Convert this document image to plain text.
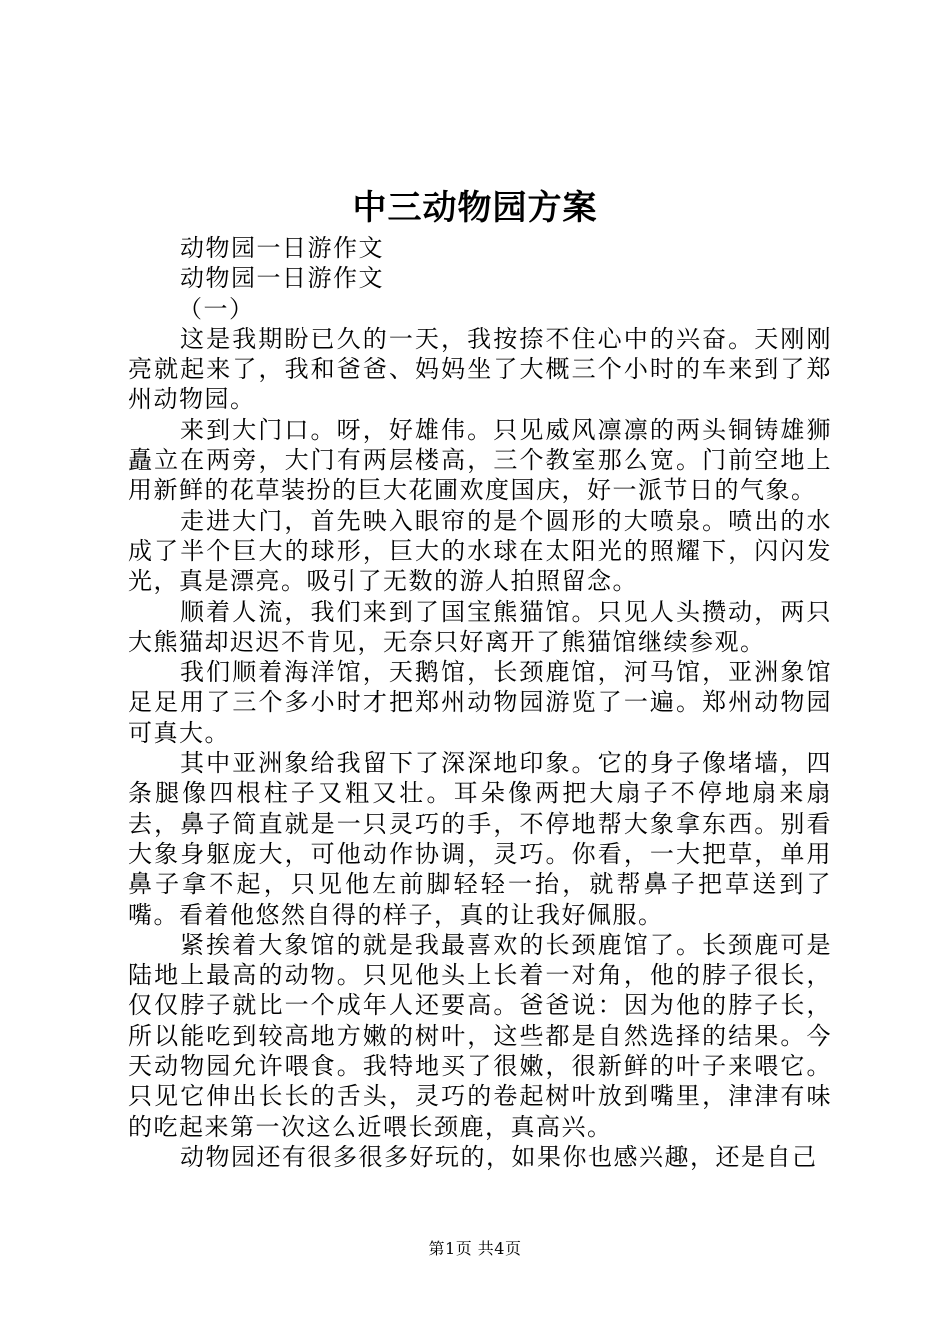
中三动物园方案

动物园一日游作文

动物园一日游作文

（一）

这是我期盼已久的一天，我按捺不住心中的兴奋。天刚刚亮就起来了，我和爸爸、妈妈坐了大概三个小时的车来到了郑州动物园。

来到大门口。呀，好雄伟。只见威风凛凛的两头铜铸雄狮矗立在两旁，大门有两层楼高，三个教室那么宽。门前空地上用新鲜的花草装扮的巨大花圃欢度国庆，好一派节日的气象。

走进大门，首先映入眼帘的是个圆形的大喷泉。喷出的水成了半个巨大的球形，巨大的水球在太阳光的照耀下，闪闪发光，真是漂亮。吸引了无数的游人拍照留念。

顺着人流，我们来到了国宝熊猫馆。只见人头攒动，两只大熊猫却迟迟不肯见，无奈只好离开了熊猫馆继续参观。

我们顺着海洋馆，天鹅馆，长颈鹿馆，河马馆，亚洲象馆足足用了三个多小时才把郑州动物园游览了一遍。郑州动物园可真大。

其中亚洲象给我留下了深深地印象。它的身子像堵墙，四条腿像四根柱子又粗又壮。耳朵像两把大扇子不停地扇来扇去，鼻子简直就是一只灵巧的手，不停地帮大象拿东西。别看大象身躯庞大，可他动作协调，灵巧。你看，一大把草，单用鼻子拿不起，只见他左前脚轻轻一抬，就帮鼻子把草送到了嘴。看着他悠然自得的样子，真的让我好佩服。

紧挨着大象馆的就是我最喜欢的长颈鹿馆了。长颈鹿可是陆地上最高的动物。只见他头上长着一对角，他的脖子很长，仅仅脖子就比一个成年人还要高。爸爸说：因为他的脖子长，所以能吃到较高地方嫩的树叶，这些都是自然选择的结果。今天动物园允许喂食。我特地买了很嫩，很新鲜的叶子来喂它。只见它伸出长长的舌头，灵巧的卷起树叶放到嘴里，津津有味的吃起来第一次这么近喂长颈鹿，真高兴。

动物园还有很多很多好玩的，如果你也感兴趣，还是自己

第1页 共4页
